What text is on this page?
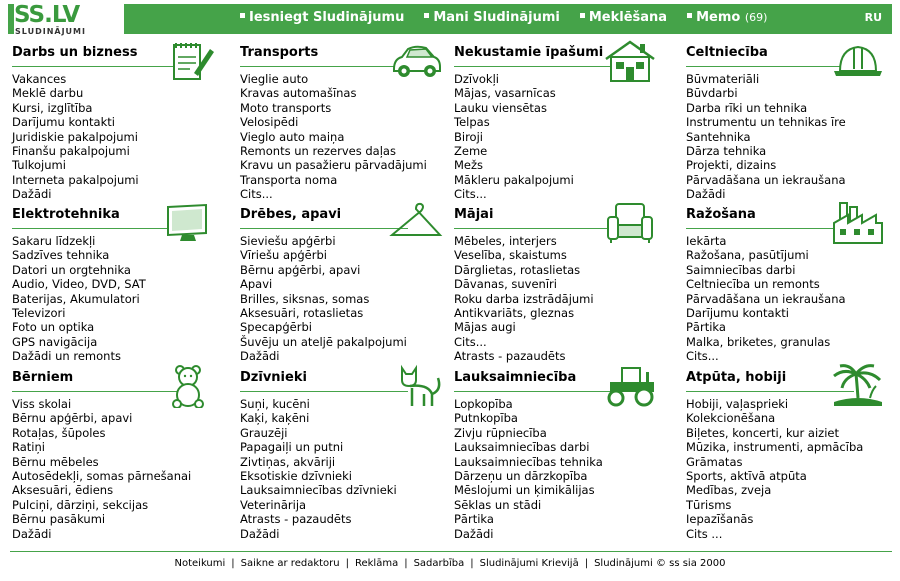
SS.LV
SLUDINĀJUMI
Iesniegt Sludinājumu	Mani Sludinājumi	Meklēšana	Memo (69)	RU
Darbs un bizness
Vakances
Meklē darbu
Kursi, izglītība
Darījumu kontakti
Juridiskie pakalpojumi
Finanšu pakalpojumi
Tulkojumi
Interneta pakalpojumi
Dažādi
Transports
Vieglie auto
Kravas automašīnas
Moto transports
Velosipēdi
Vieglo auto maiņa
Remonts un rezerves daļas
Kravu un pasažieru pārvadājumi
Transporta noma
Cits...
Nekustamie īpašumi
Dzīvokļi
Mājas, vasarnīcas
Lauku viensētas
Telpas
Biroji
Zeme
Mežs
Mākleru pakalpojumi
Cits...
Celtniecība
Būvmateriāli
Būvdarbi
Darba rīki un tehnika
Instrumentu un tehnikas īre
Santehnika
Dārza tehnika
Projekti, dizains
Pārvadāšana un iekraušana
Dažādi
Elektrotehnika
Sakaru līdzekļi
Sadzīves tehnika
Datori un orgtehnika
Audio, Video, DVD, SAT
Baterijas, Akumulatori
Televizori
Foto un optika
GPS navigācija
Dažādi un remonts
Drēbes, apavi
Sieviešu apģērbi
Vīriešu apģērbi
Bērnu apģērbi, apavi
Apavi
Brilles, siksnas, somas
Aksesuāri, rotaslietas
Specapģērbi
Šuvēju un ateljē pakalpojumi
Dažādi
Mājai
Mēbeles, interjers
Veselība, skaistums
Dārglietas, rotaslietas
Dāvanas, suvenīri
Roku darba izstrādājumi
Antikvariāts, gleznas
Mājas augi
Cits...
Atrasts - pazaudēts
Ražošana
Iekārta
Ražošana, pasūtījumi
Saimniecības darbi
Celtniecība un remonts
Pārvadāšana un iekraušana
Darījumu kontakti
Pārtika
Malka, briketes, granulas
Cits...
Bērniem
Viss skolai
Bērnu apģērbi, apavi
Rotaļas, šūpoles
Ratiņi
Bērnu mēbeles
Autosēdekļi, somas pārnešanai
Aksesuāri, ēdiens
Pulciņi, dārziņi, sekcijas
Bērnu pasākumi
Dažādi
Dzīvnieki
Suņi, kucēni
Kaķi, kaķēni
Grauzēji
Papagaiļi un putni
Zivtiņas, akvāriji
Eksotiskie dzīvnieki
Lauksaimniecības dzīvnieki
Veterinārija
Atrasts - pazaudēts
Dažādi
Lauksaimniecība
Lopkopība
Putnkopība
Zivju rūpniecība
Lauksaimniecības darbi
Lauksaimniecības tehnika
Dārzeņu un dārzkopība
Mēslojumi un ķimikālijas
Sēklas un stādi
Pārtika
Dažādi
Atpūta, hobiji
Hobiji, vaļasprieki
Kolekcionēšana
Biļetes, koncerti, kur aiziet
Mūzika, instrumenti, apmācība
Grāmatas
Sports, aktīvā atpūta
Medības, zveja
Tūrisms
Iepazīšanās
Cits ...
Noteikumi | Saikne ar redaktoru | Reklāma | Sadarbība | Sludinājumi Krievijā | Sludinājumi © ss sia 2000
